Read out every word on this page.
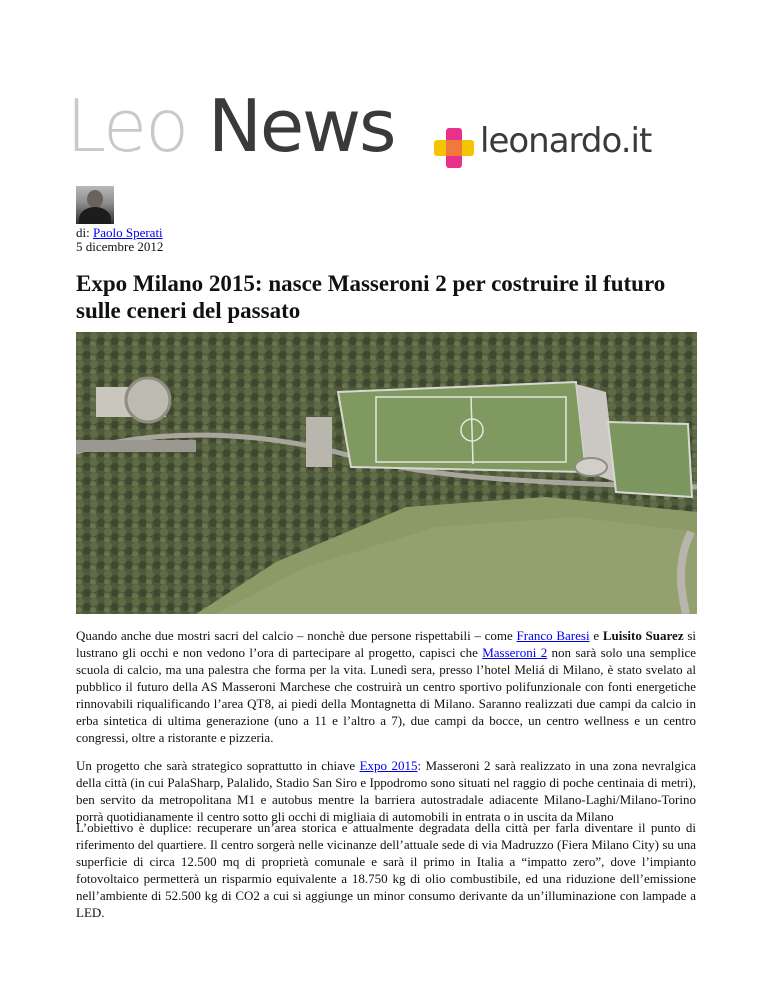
Leo News	leonardo.it
di: Paolo Sperati
5 dicembre 2012
Expo Milano 2015: nasce Masseroni 2 per costruire il futuro sulle ceneri del passato

Quando anche due mostri sacri del calcio – nonchè due persone rispettabili – come Franco Baresi e Luisito Suarez si lustrano gli occhi e non vedono l’ora di partecipare al progetto, capisci che Masseroni 2 non sarà solo una semplice scuola di calcio, ma una palestra che forma per la vita. Lunedì sera, presso l’hotel Meliá di Milano, è stato svelato al pubblico il futuro della AS Masseroni Marchese che costruirà un centro sportivo polifunzionale con fonti energetiche rinnovabili riqualificando l’area QT8, ai piedi della Montagnetta di Milano. Saranno realizzati due campi da calcio in erba sintetica di ultima generazione (uno a 11 e l’altro a 7), due campi da bocce, un centro wellness e un centro congressi, oltre a ristorante e pizzeria.

Un progetto che sarà strategico soprattutto in chiave Expo 2015: Masseroni 2 sarà realizzato in una zona nevralgica della città (in cui PalaSharp, Palalido, Stadio San Siro e Ippodromo sono situati nel raggio di poche centinaia di metri), ben servito da metropolitana M1 e autobus mentre la barriera autostradale adiacente Milano-Laghi/Milano-Torino porrà quotidianamente il centro sotto gli occhi di migliaia di automobili in entrata o in uscita da Milano

L’obiettivo è duplice: recuperare un’area storica e attualmente degradata della città per farla diventare il punto di riferimento del quartiere. Il centro sorgerà nelle vicinanze dell’attuale sede di via Madruzzo (Fiera Milano City) su una superficie di circa 12.500 mq di proprietà comunale e sarà il primo in Italia a “impatto zero”, dove l’impianto fotovoltaico permetterà un risparmio equivalente a 18.750 kg di olio combustibile, ed una riduzione dell’emissione nell’ambiente di 52.500 kg di CO2 a cui si aggiunge un minor consumo derivante da un’illuminazione con lampade a LED.
